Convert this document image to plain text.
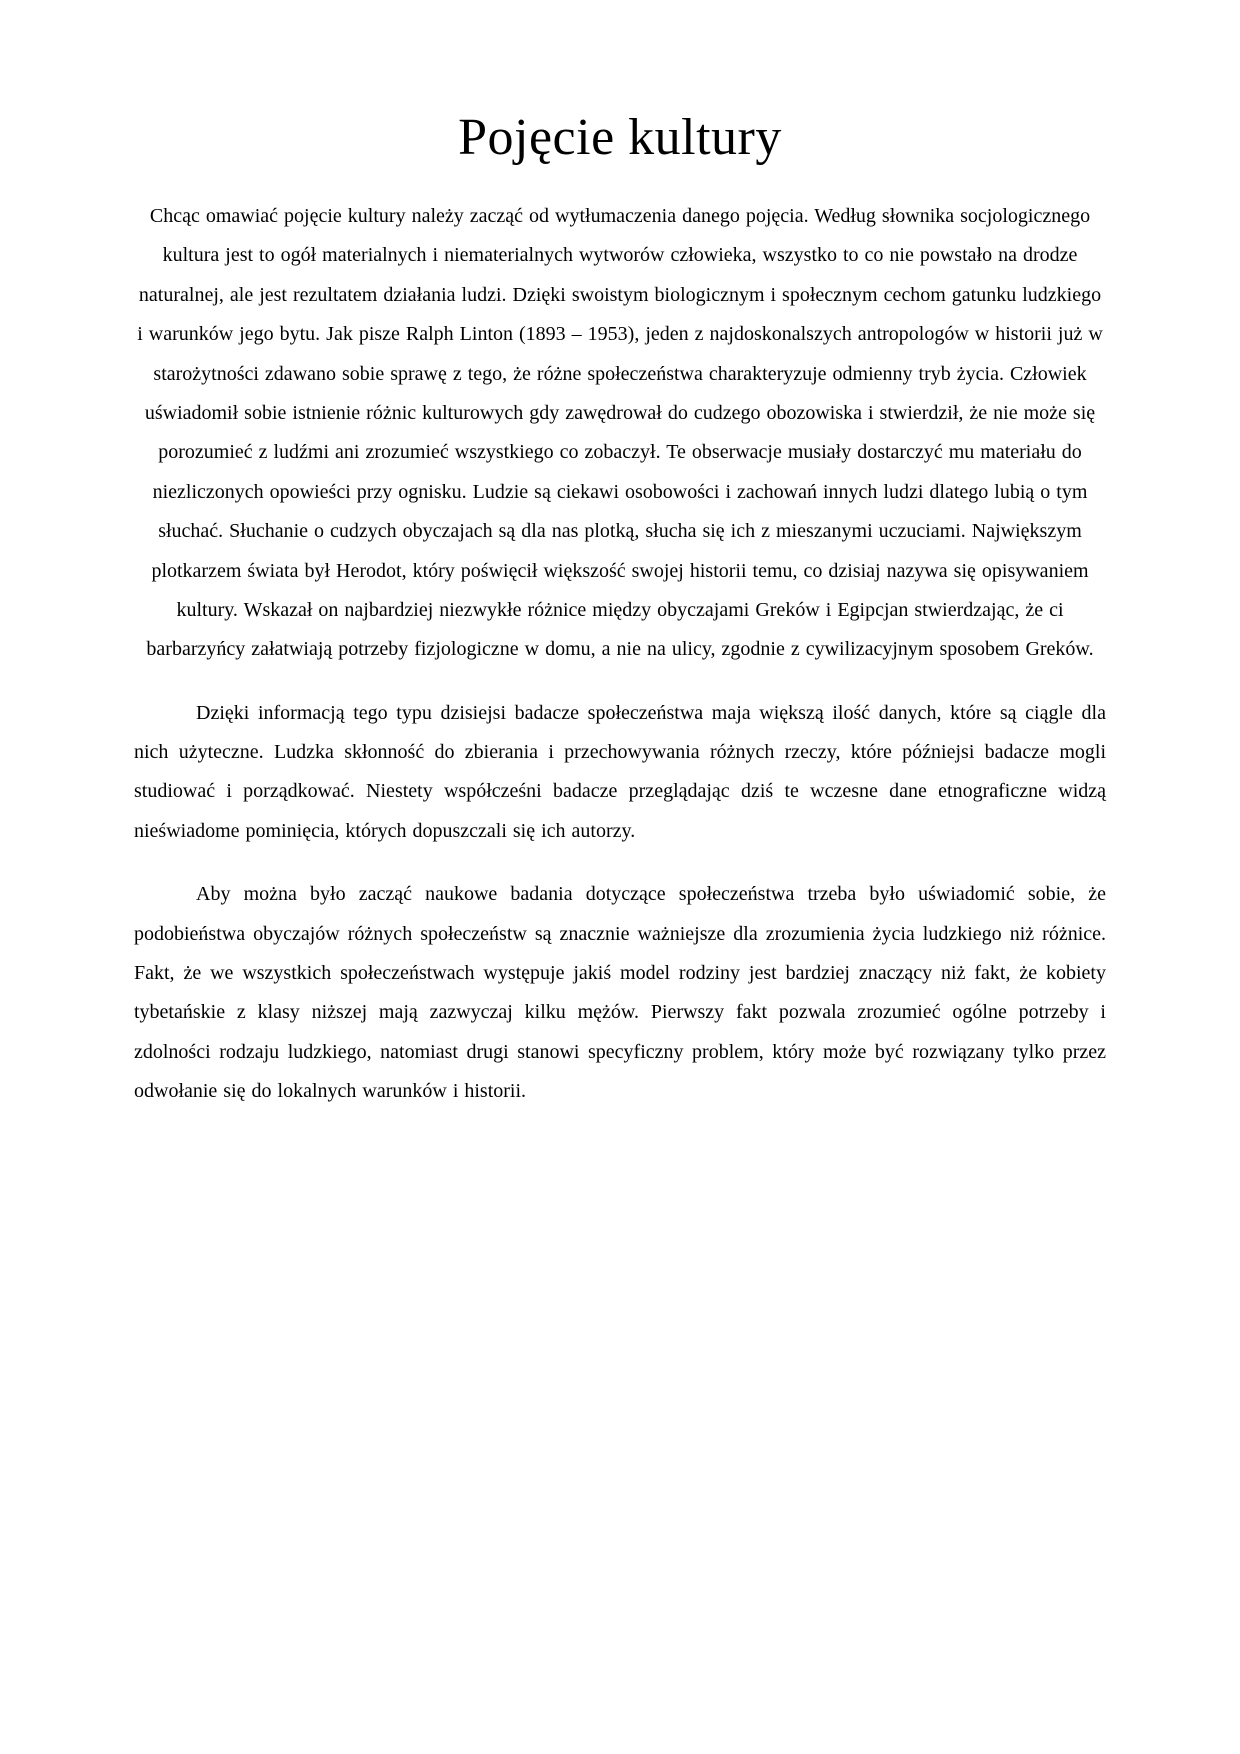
Pojęcie kultury

Chcąc omawiać pojęcie kultury należy zacząć od wytłumaczenia danego pojęcia. Według słownika socjologicznego kultura jest to ogół materialnych i niematerialnych wytworów człowieka, wszystko to co nie powstało na drodze naturalnej, ale jest rezultatem działania ludzi. Dzięki swoistym biologicznym i społecznym cechom gatunku ludzkiego i warunków jego bytu. Jak pisze Ralph Linton (1893 – 1953), jeden z najdoskonalszych antropologów w historii już w starożytności zdawano sobie sprawę z tego, że różne społeczeństwa charakteryzuje odmienny tryb życia. Człowiek uświadomił sobie istnienie różnic kulturowych gdy zawędrował do cudzego obozowiska i stwierdził, że nie może się porozumieć z ludźmi ani zrozumieć wszystkiego co zobaczył. Te obserwacje musiały dostarczyć mu materiału do niezliczonych opowieści przy ognisku. Ludzie są ciekawi osobowości i zachowań innych ludzi dlatego lubią o tym słuchać. Słuchanie o cudzych obyczajach są dla nas plotką, słucha się ich z mieszanymi uczuciami. Największym plotkarzem świata był Herodot, który poświęcił większość swojej historii temu, co dzisiaj nazywa się opisywaniem kultury. Wskazał on najbardziej niezwykłe różnice między obyczajami Greków i Egipcjan stwierdzając, że ci barbarzyńcy załatwiają potrzeby fizjologiczne w domu, a nie na ulicy, zgodnie z cywilizacyjnym sposobem Greków.

Dzięki informacją tego typu dzisiejsi badacze społeczeństwa maja większą ilość danych, które są ciągle dla nich użyteczne. Ludzka skłonność do zbierania i przechowywania różnych rzeczy, które późniejsi badacze mogli studiować i porządkować. Niestety współcześni badacze przeglądając dziś te wczesne dane etnograficzne widzą nieświadome pominięcia, których dopuszczali się ich autorzy.

Aby można było zacząć naukowe badania dotyczące społeczeństwa trzeba było uświadomić sobie, że podobieństwa obyczajów różnych społeczeństw są znacznie ważniejsze dla zrozumienia życia ludzkiego niż różnice. Fakt, że we wszystkich społeczeństwach występuje jakiś model rodziny jest bardziej znaczący niż fakt, że kobiety tybetańskie z klasy niższej mają zazwyczaj kilku mężów. Pierwszy fakt pozwala zrozumieć ogólne potrzeby i zdolności rodzaju ludzkiego, natomiast drugi stanowi specyficzny problem, który może być rozwiązany tylko przez odwołanie się do lokalnych warunków i historii.
